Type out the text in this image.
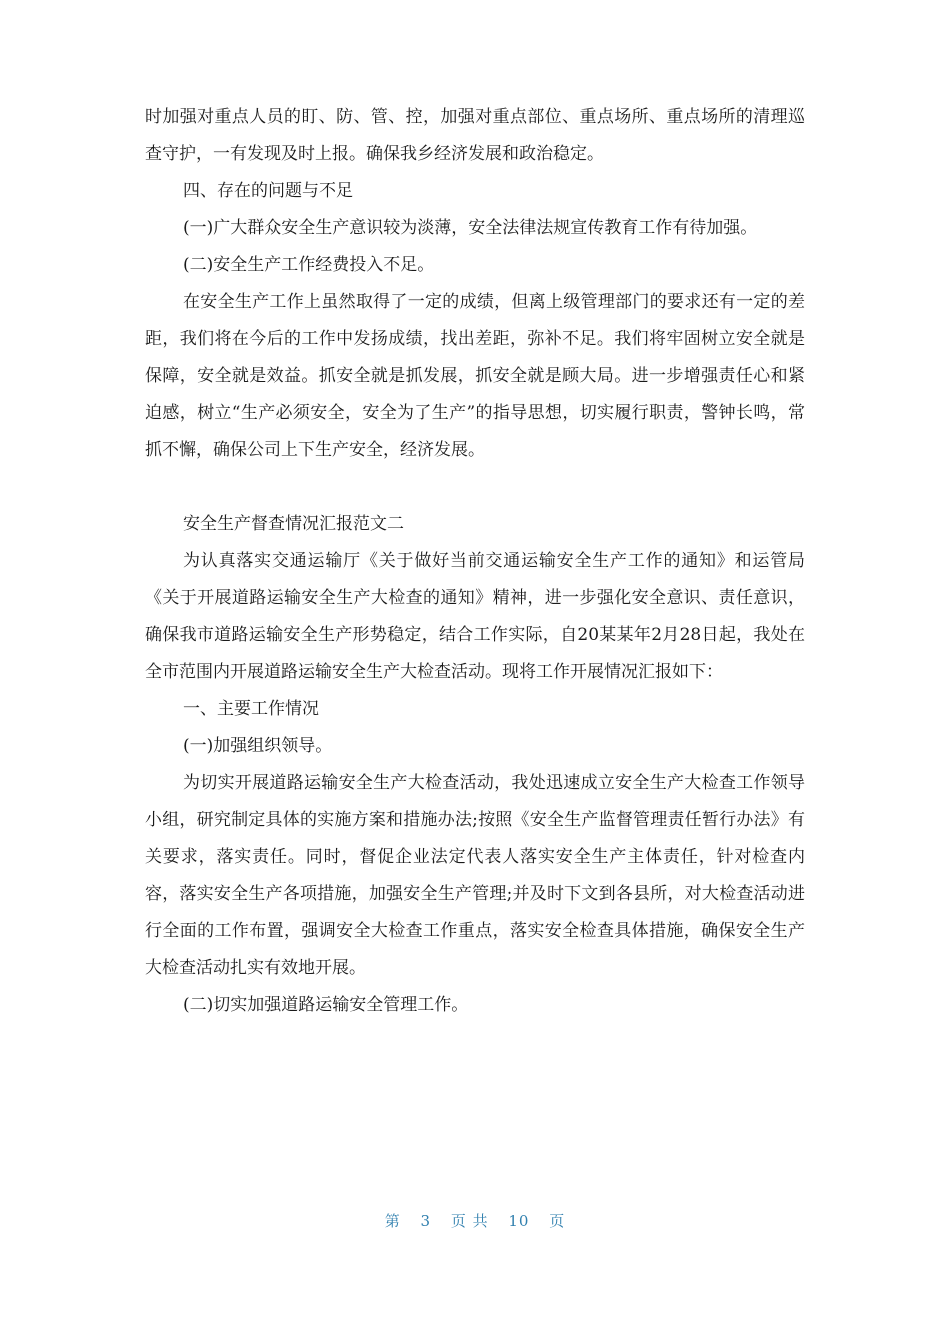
时加强对重点人员的盯、防、管、控，加强对重点部位、重点场所、重点场所的清理巡查守护，一有发现及时上报。确保我乡经济发展和政治稳定。

四、存在的问题与不足

(一)广大群众安全生产意识较为淡薄，安全法律法规宣传教育工作有待加强。

(二)安全生产工作经费投入不足。

在安全生产工作上虽然取得了一定的成绩，但离上级管理部门的要求还有一定的差距，我们将在今后的工作中发扬成绩，找出差距，弥补不足。我们将牢固树立安全就是保障，安全就是效益。抓安全就是抓发展，抓安全就是顾大局。进一步增强责任心和紧迫感，树立“生产必须安全，安全为了生产”的指导思想，切实履行职责，警钟长鸣，常抓不懈，确保公司上下生产安全，经济发展。

安全生产督查情况汇报范文二

为认真落实交通运输厅《关于做好当前交通运输安全生产工作的通知》和运管局《关于开展道路运输安全生产大检查的通知》精神，进一步强化安全意识、责任意识，确保我市道路运输安全生产形势稳定，结合工作实际，自20某某年2月28日起，我处在全市范围内开展道路运输安全生产大检查活动。现将工作开展情况汇报如下：

一、主要工作情况

(一)加强组织领导。

为切实开展道路运输安全生产大检查活动，我处迅速成立安全生产大检查工作领导小组，研究制定具体的实施方案和措施办法;按照《安全生产监督管理责任暂行办法》有关要求，落实责任。同时，督促企业法定代表人落实安全生产主体责任，针对检查内容，落实安全生产各项措施，加强安全生产管理;并及时下文到各县所，对大检查活动进行全面的工作布置，强调安全大检查工作重点，落实安全检查具体措施，确保安全生产大检查活动扎实有效地开展。

(二)切实加强道路运输安全管理工作。

第 3 页 共 10 页
